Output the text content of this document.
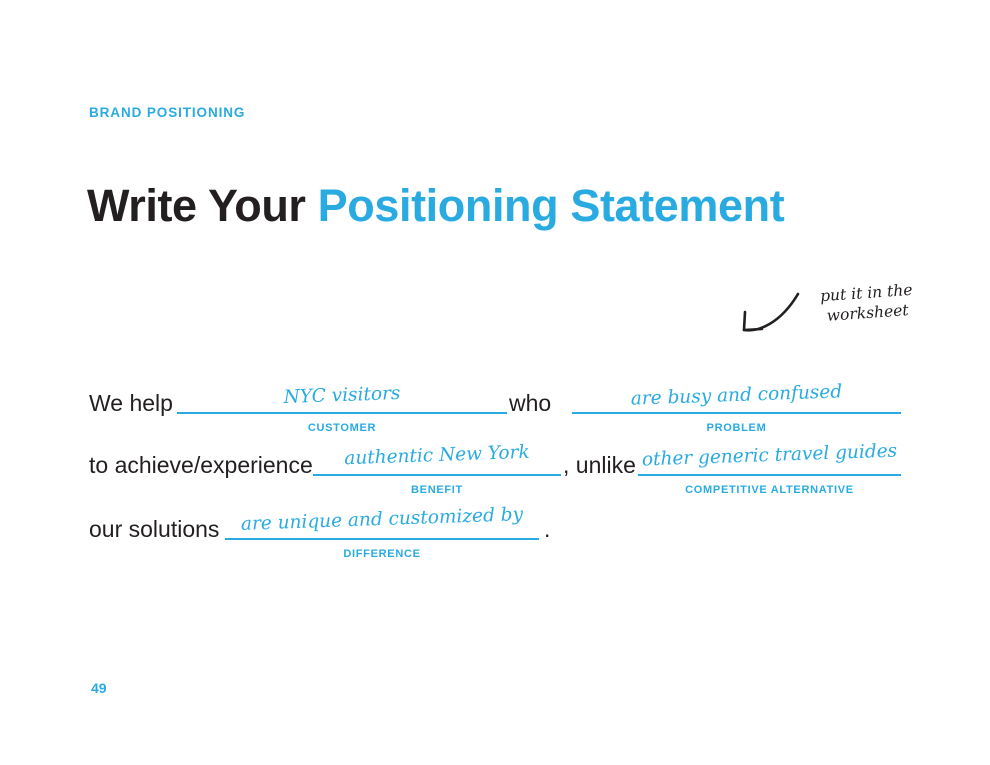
BRAND POSITIONING
Write Your Positioning Statement
put it in the
worksheet
We help	NYC visitors
CUSTOMER
who	are busy and confused
PROBLEM
to achieve/experience	authentic New York
BENEFIT
, unlike other generic travel guides
COMPETITIVE ALTERNATIVE
our solutions	are unique and customized by
DIFFERENCE
.
49
